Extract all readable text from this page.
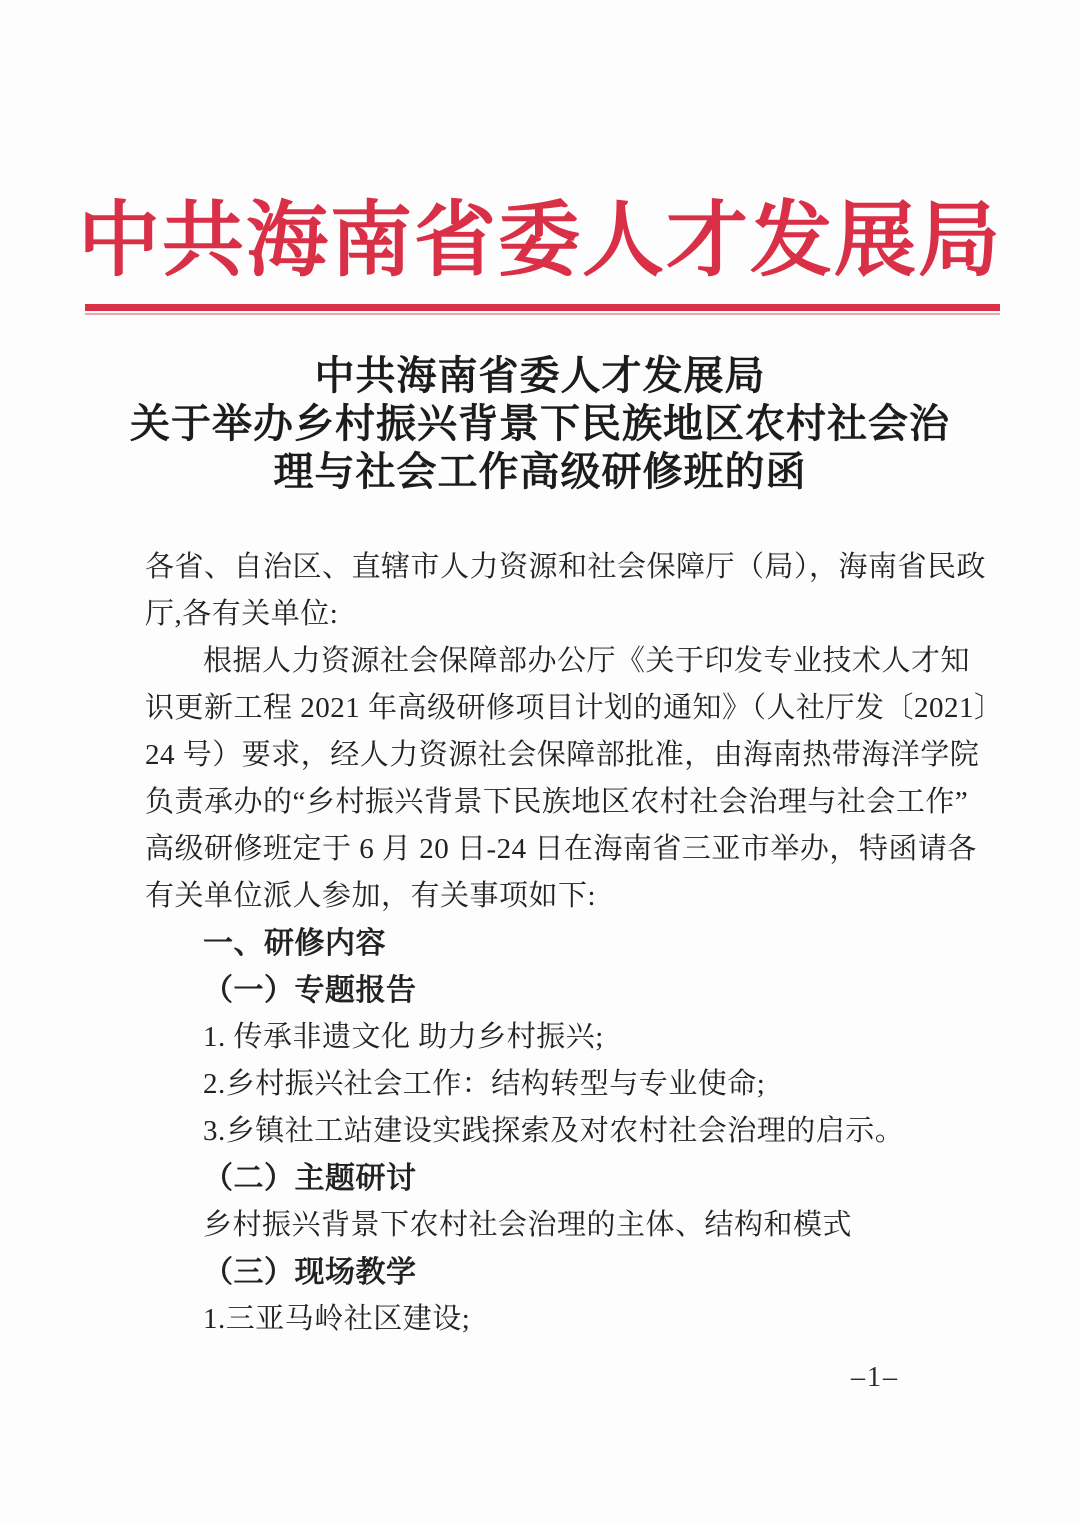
中共海南省委人才发展局
中共海南省委人才发展局
关于举办乡村振兴背景下民族地区农村社会治
理与社会工作高级研修班的函
各省、自治区、直辖市人力资源和社会保障厅（局），海南省民政
厅,各有关单位:
根据人力资源社会保障部办公厅《关于印发专业技术人才知
识更新工程 2021 年高级研修项目计划的通知》（人社厅发〔2021〕
24 号）要求，经人力资源社会保障部批准，由海南热带海洋学院
负责承办的“乡村振兴背景下民族地区农村社会治理与社会工作”
高级研修班定于 6 月 20 日-24 日在海南省三亚市举办，特函请各
有关单位派人参加，有关事项如下:
一、研修内容
（一）专题报告
1. 传承非遗文化 助力乡村振兴;
2.乡村振兴社会工作：结构转型与专业使命;
3.乡镇社工站建设实践探索及对农村社会治理的启示。
（二）主题研讨
乡村振兴背景下农村社会治理的主体、结构和模式
（三）现场教学
1.三亚马岭社区建设;
–1–
